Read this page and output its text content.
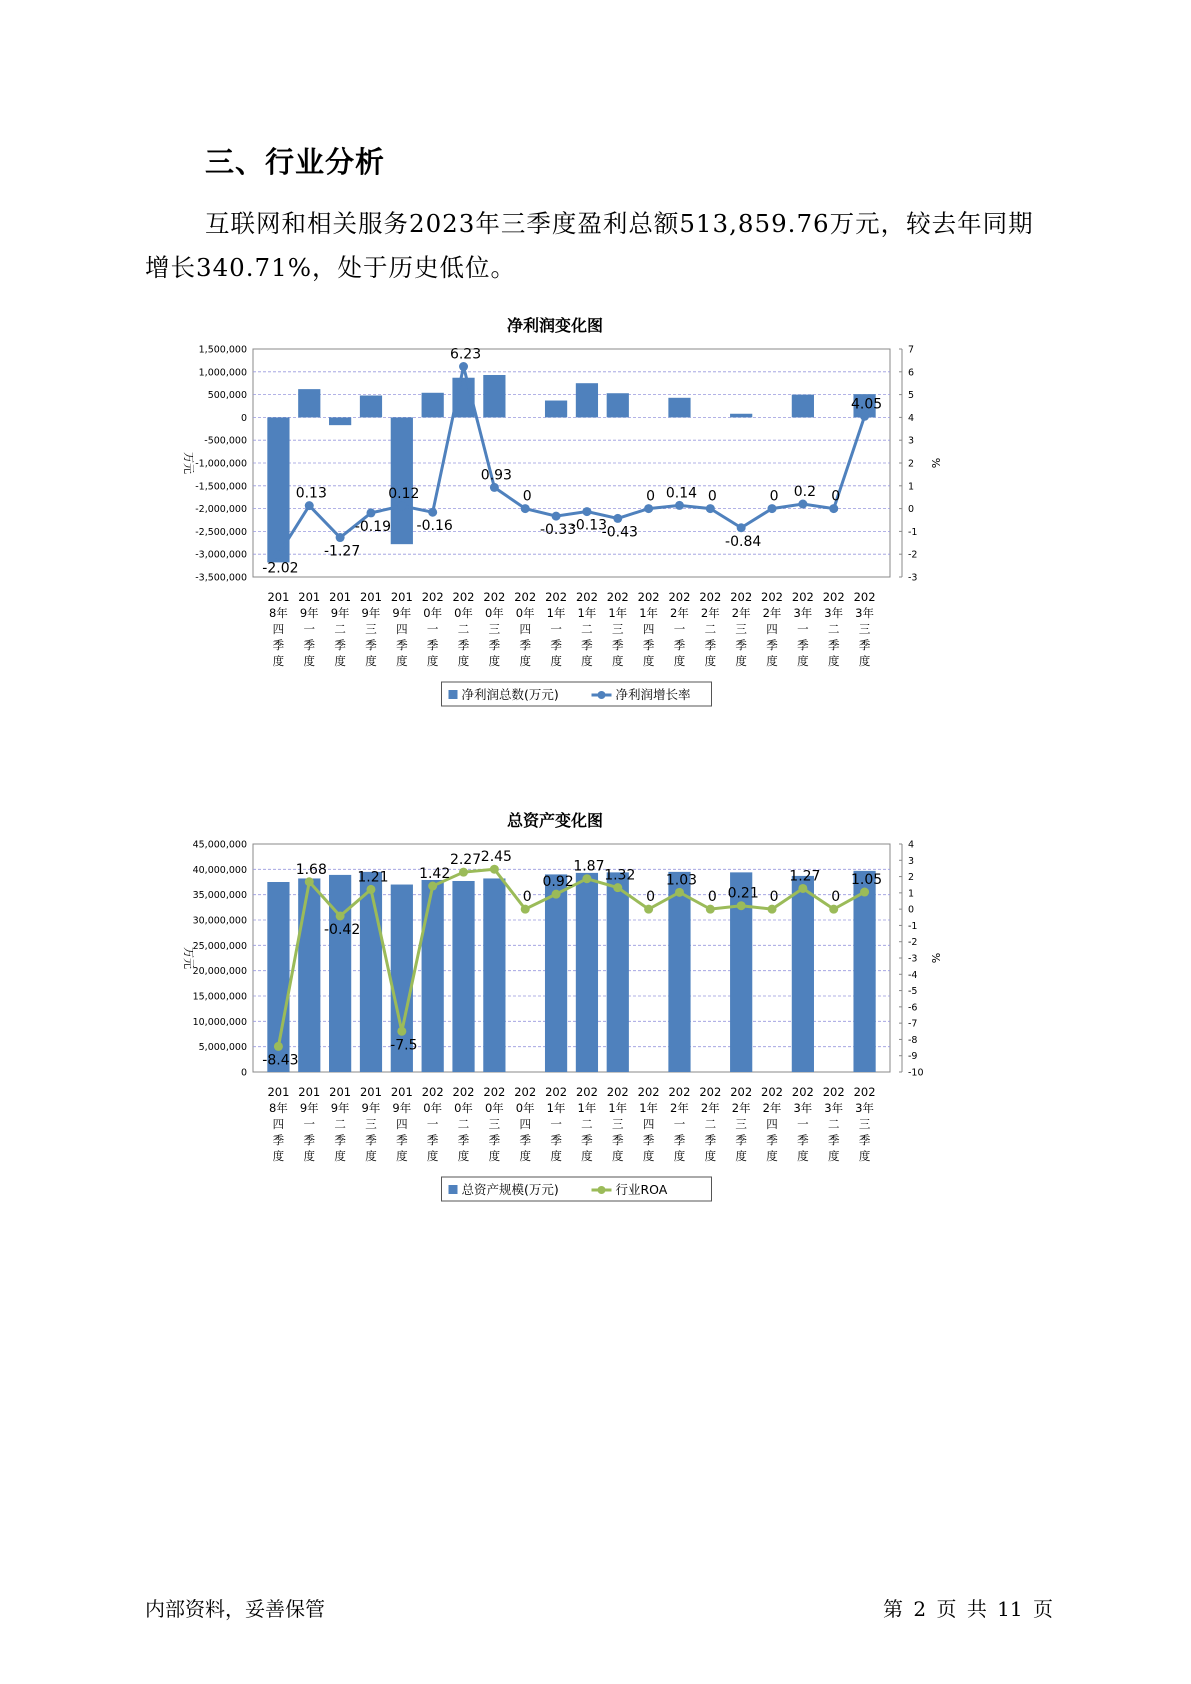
三、行业分析

互联网和相关服务2023年三季度盈利总额513,859.76万元，较去年同期增长340.71%，处于历史低位。

净利润变化图
-3,500,000
-3,000,000
-2,500,000
-2,000,000
-1,500,000
-1,000,000
-500,000
0
500,000
1,000,000
1,500,000
-3
-2
-1
0
1
2
3
4
5
6
7
万元	%
-2.02
0.13
-1.27
-0.19
0.12
-0.16
6.23
0.93
0
-0.33
-0.13
-0.43
0 0.14 0
-0.84
0 0.2 0
4.05
201
8年
四
季
度
201
9年
一
季
度
201
9年
二
季
度
201
9年
三
季
度
201
9年
四
季
度
202
0年
一
季
度
202
0年
二
季
度
202
0年
三
季
度
202
0年
四
季
度
202
1年
一
季
度
202
1年
二
季
度
202
1年
三
季
度
202
1年
四
季
度
202
2年
一
季
度
202
2年
二
季
度
202
2年
三
季
度
202
2年
四
季
度
202
3年
一
季
度
202
3年
二
季
度
202
3年
三
季
度
净利润总数(万元)	净利润增长率
总资产变化图
0
5,000,000
10,000,000
15,000,000
20,000,000
25,000,000
30,000,000
35,000,000
40,000,000
45,000,000
-10
-9
-8
-7
-6
-5
-4
-3
-2
-1
0
1
2
3
4
万元	%
-8.43
1.68
-0.42
1.21
-7.5
1.42
2.27 2.45
0
0.92
1.87
1.32
0
1.03
0 0.21 0
1.27
0
1.05
201
8年
四
季
度
201
9年
一
季
度
201
9年
二
季
度
201
9年
三
季
度
201
9年
四
季
度
202
0年
一
季
度
202
0年
二
季
度
202
0年
三
季
度
202
0年
四
季
度
202
1年
一
季
度
202
1年
二
季
度
202
1年
三
季
度
202
1年
四
季
度
202
2年
一
季
度
202
2年
二
季
度
202
2年
三
季
度
202
2年
四
季
度
202
3年
一
季
度
202
3年
二
季
度
202
3年
三
季
度
总资产规模(万元)	行业ROA
内部资料，妥善保管	第 2 页 共 11 页
